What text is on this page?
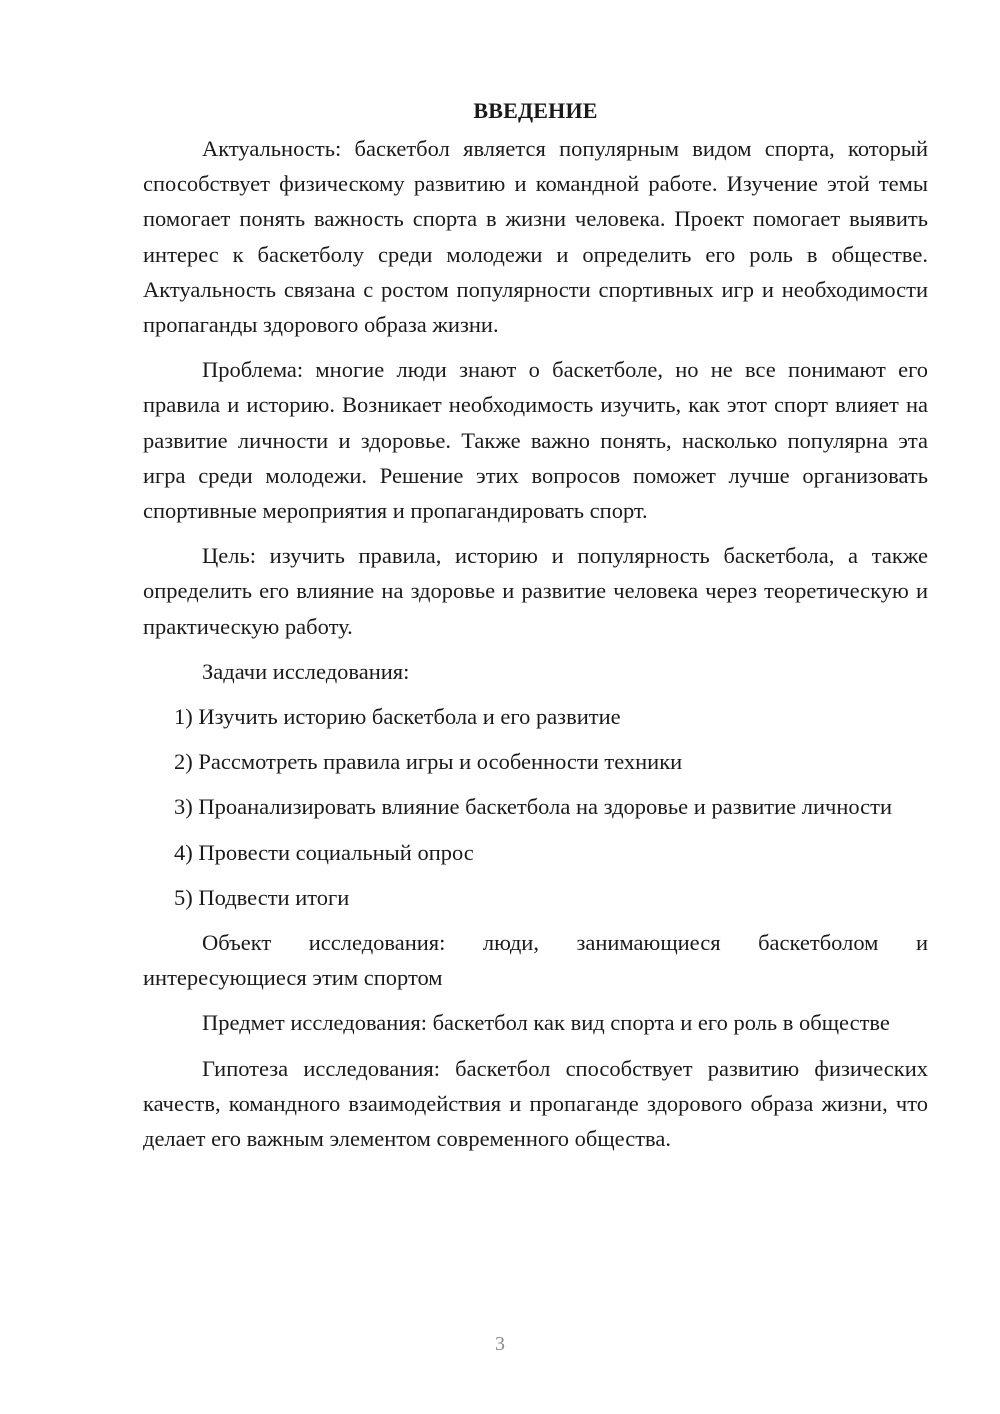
ВВЕДЕНИЕ

Актуальность: баскетбол является популярным видом спорта, который способствует физическому развитию и командной работе. Изучение этой темы помогает понять важность спорта в жизни человека. Проект помогает выявить интерес к баскетболу среди молодежи и определить его роль в обществе. Актуальность связана с ростом популярности спортивных игр и необходимости пропаганды здорового образа жизни.

Проблема: многие люди знают о баскетболе, но не все понимают его правила и историю. Возникает необходимость изучить, как этот спорт влияет на развитие личности и здоровье. Также важно понять, насколько популярна эта игра среди молодежи. Решение этих вопросов поможет лучше организовать спортивные мероприятия и пропагандировать спорт.

Цель: изучить правила, историю и популярность баскетбола, а также определить его влияние на здоровье и развитие человека через теоретическую и практическую работу.

Задачи исследования:

1) Изучить историю баскетбола и его развитие

2) Рассмотреть правила игры и особенности техники

3) Проанализировать влияние баскетбола на здоровье и развитие личности

4) Провести социальный опрос

5) Подвести итоги

Объект исследования: люди, занимающиеся баскетболом и интересующиеся этим спортом

Предмет исследования: баскетбол как вид спорта и его роль в обществе

Гипотеза исследования: баскетбол способствует развитию физических качеств, командного взаимодействия и пропаганде здорового образа жизни, что делает его важным элементом современного общества.

3
